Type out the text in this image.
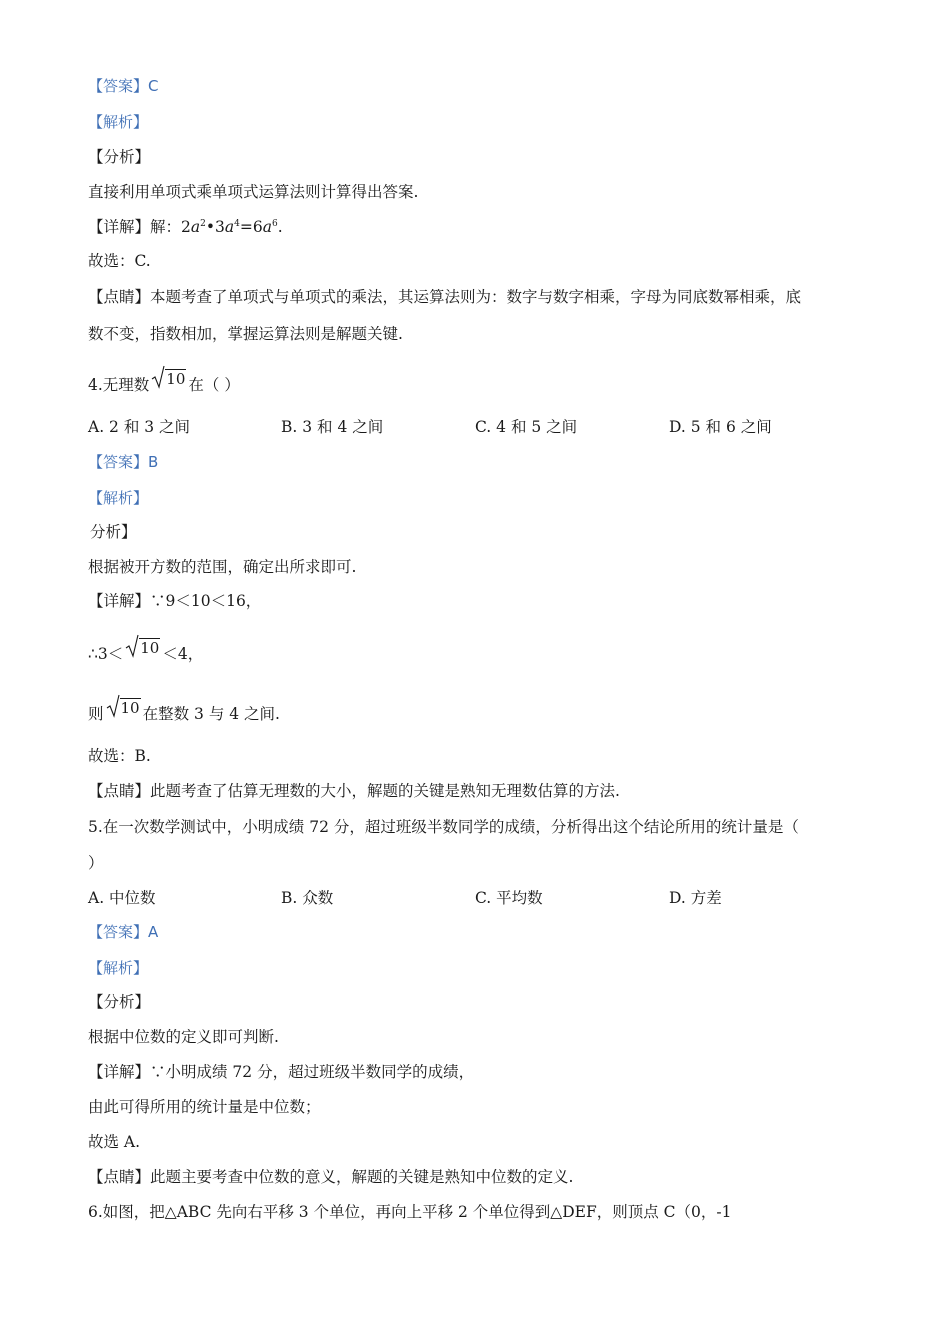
【答案】C
【解析】
【分析】
直接利用单项式乘单项式运算法则计算得出答案.
【详解】解：$2a^2•3a^4=6a^6$.
故选：C.
【点睛】本题考查了单项式与单项式的乘法，其运算法则为：数字与数字相乘，字母为同底数幂相乘，底
数不变，指数相加，掌握运算法则是解题关键.
4.无理数 10 在（ ）
A. 2 和 3 之间	B. 3 和 4 之间	C. 4 和 5 之间	D. 5 和 6 之间
【答案】B
【解析】
分析】
根据被开方数的范围，确定出所求即可.
【详解】∵9＜10＜16，
∴3＜ 10 ＜4，
则 10 在整数 3 与 4 之间.
故选：B.
【点睛】此题考查了估算无理数的大小，解题的关键是熟知无理数估算的方法.
5.在一次数学测试中，小明成绩 72 分，超过班级半数同学的成绩，分析得出这个结论所用的统计量是（
）
A. 中位数	B. 众数	C. 平均数	D. 方差
【答案】A
【解析】
【分析】
根据中位数的定义即可判断.
【详解】∵小明成绩 72 分，超过班级半数同学的成绩，
由此可得所用的统计量是中位数；
故选 A.
【点睛】此题主要考查中位数的意义，解题的关键是熟知中位数的定义.
6.如图，把△ABC 先向右平移 3 个单位，再向上平移 2 个单位得到△DEF，则顶点 C（0，-1
